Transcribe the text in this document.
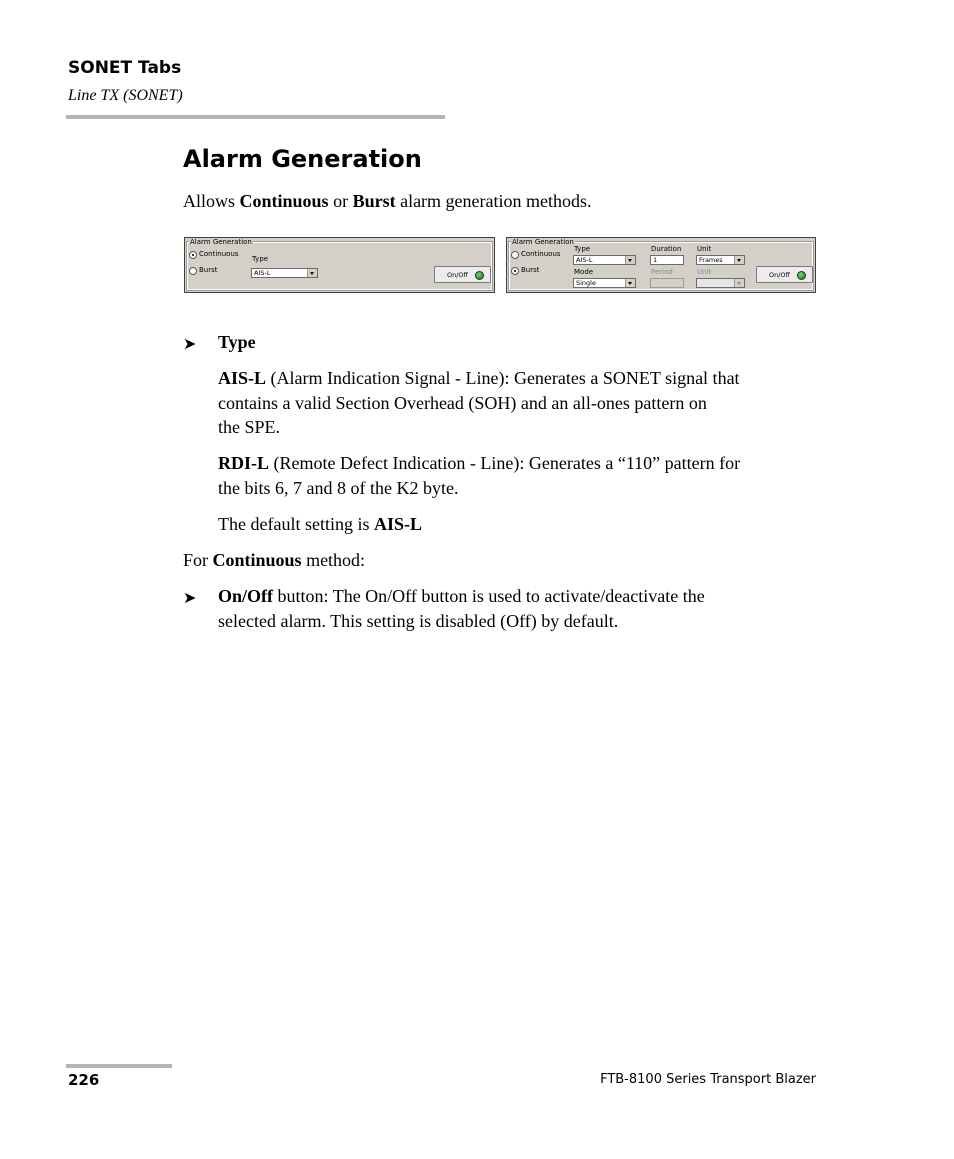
SONET Tabs
Line TX (SONET)
Alarm Generation
Allows Continuous or Burst alarm generation methods.
Alarm Generation
Continuous
Burst
Type
AIS-L	On/Off
Alarm Generation
Continuous
Burst
Type
AIS-L
Mode
Single
Duration
1
Period
Unit
Frames
Unit	On/Off
➤ Type
AIS-L (Alarm Indication Signal - Line): Generates a SONET signal that
contains a valid Section Overhead (SOH) and an all-ones pattern on
the SPE.
RDI-L (Remote Defect Indication - Line): Generates a “110” pattern for
the bits 6, 7 and 8 of the K2 byte.
The default setting is AIS-L
For Continuous method:
➤ On/Off button: The On/Off button is used to activate/deactivate the
selected alarm. This setting is disabled (Off) by default.
226	FTB-8100 Series Transport Blazer
